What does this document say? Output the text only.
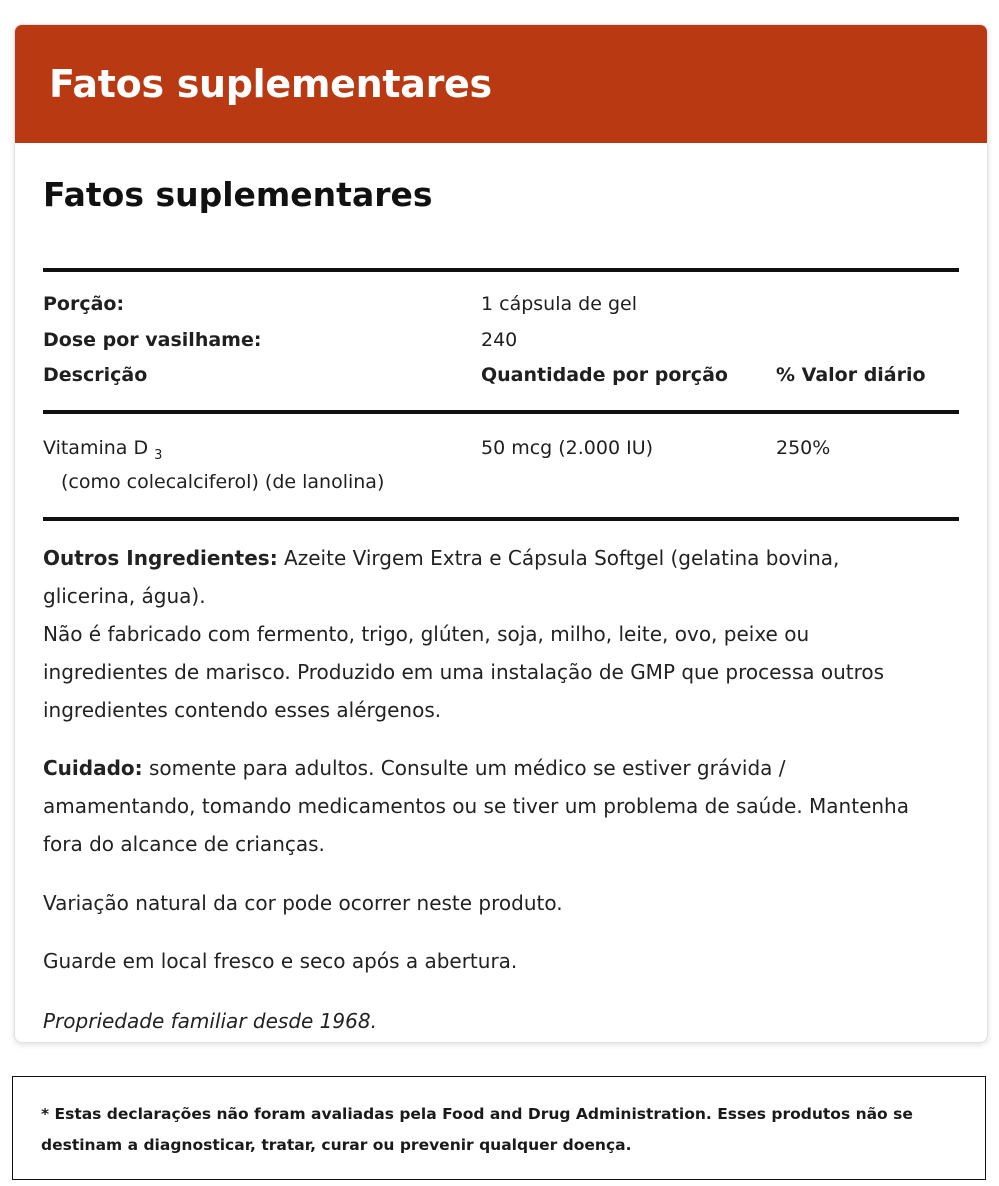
Fatos suplementares
Fatos suplementares
Porção:	1 cápsula de gel
Dose por vasilhame:	240
Descrição	Quantidade por porção	% Valor diário
Vitamina D $_3$	50 mcg (2.000 IU)	250%
(como colecalciferol) (de lanolina)
Outros Ingredientes: Azeite Virgem Extra e Cápsula Softgel (gelatina bovina, glicerina, água).
Não é fabricado com fermento, trigo, glúten, soja, milho, leite, ovo, peixe ou ingredientes de marisco. Produzido em uma instalação de GMP que processa outros ingredientes contendo esses alérgenos.
Cuidado: somente para adultos. Consulte um médico se estiver grávida / amamentando, tomando medicamentos ou se tiver um problema de saúde. Mantenha fora do alcance de crianças.
Variação natural da cor pode ocorrer neste produto.
Guarde em local fresco e seco após a abertura.
Propriedade familiar desde 1968.
* Estas declarações não foram avaliadas pela Food and Drug Administration. Esses produtos não se destinam a diagnosticar, tratar, curar ou prevenir qualquer doença.
